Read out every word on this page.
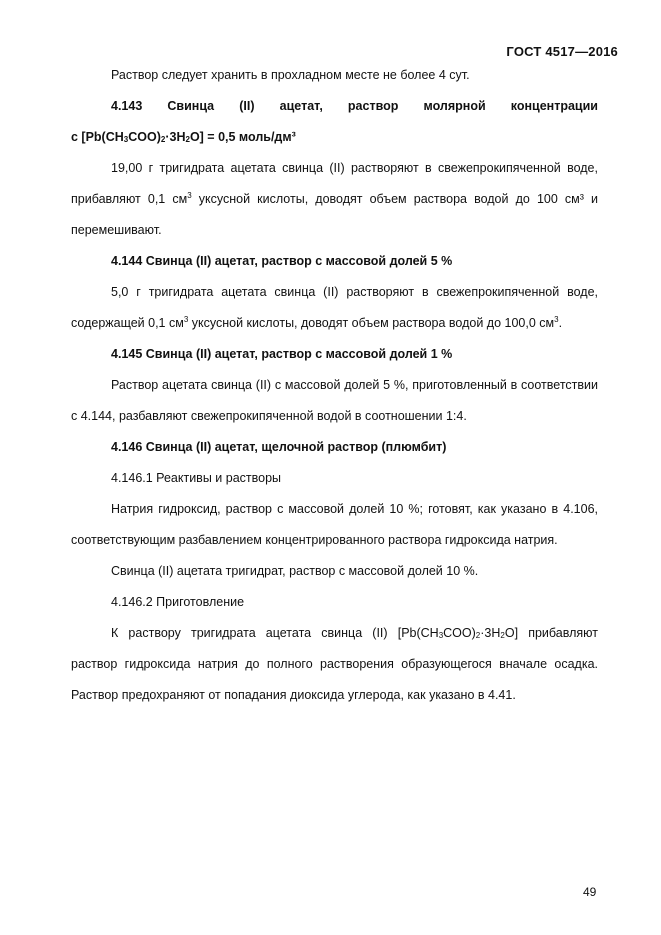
ГОСТ 4517—2016

Раствор следует хранить в прохладном месте не более 4 сут.

4.143 Свинца (II) ацетат, раствор молярной концентрации

с $[Pb(CH_3COO)_2\cdot 3H_2O] = 0,5$ моль/дм³

19,00 г тригидрата ацетата свинца (II) растворяют в свежепрокипяченной воде, прибавляют 0,1 $см^3$ уксусной кислоты, доводят объем раствора водой до 100 см³ и перемешивают.

4.144 Свинца (II) ацетат, раствор с массовой долей 5 %

5,0 г тригидрата ацетата свинца (II) растворяют в свежепрокипяченной воде, содержащей 0,1 $см^3$ уксусной кислоты, доводят объем раствора водой до 100,0 $см^3$.

4.145 Свинца (II) ацетат, раствор с массовой долей 1 %

Раствор ацетата свинца (II) с массовой долей 5 %, приготовленный в соответствии с 4.144, разбавляют свежепрокипяченной водой в соотношении 1:4.

4.146 Свинца (II) ацетат, щелочной раствор (плюмбит)

4.146.1 Реактивы и растворы

Натрия гидроксид, раствор с массовой долей 10 %; готовят, как указано в 4.106, соответствующим разбавлением концентрированного раствора гидроксида натрия.

Свинца (II) ацетата тригидрат, раствор с массовой долей 10 %.

4.146.2 Приготовление

К раствору тригидрата ацетата свинца (II) $[Pb(CH_3COO)_2\cdot 3H_2O]$ прибавляют раствор гидроксида натрия до полного растворения образующегося вначале осадка. Раствор предохраняют от попадания диоксида углерода, как указано в 4.41.

49
